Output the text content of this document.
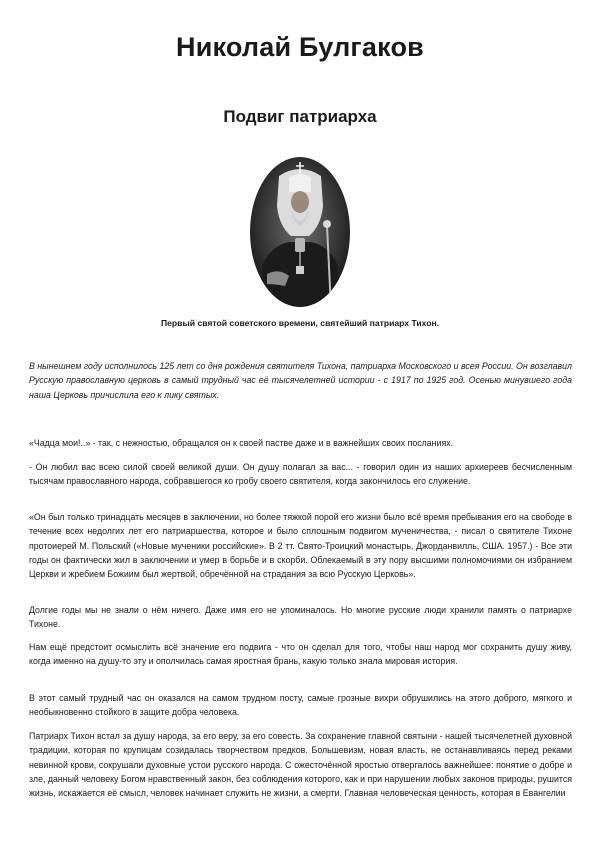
Николай Булгаков
Подвиг патриарха

Первый святой советского времени, святейший патриарх Тихон.

В нынешнем году исполнилось 125 лет со дня рождения святителя Тихона, патриарха Московского и всея России. Он возглавил Русскую православную церковь в самый трудный час её тысячелетней истории - с 1917 по 1925 год. Осенью минувшего года наша Церковь причислила его к лику святых.

«Чадца мои!..» - так, с нежностью, обращался он к своей пастве даже и в важнейших своих посланиях.

- Он любил вас всею силой своей великой души. Он душу полагал за вас... - говорил один из наших архиереев бесчисленным тысячам православного народа, собравшегося ко гробу своего святителя, когда закончилось его служение.

«Он был только тринадцать месяцев в заключении, но более тяжкой порой его жизни было всё время пребывания его на свободе в течение всех недолгих лет его патриаршества, которое и было сплошным подвигом мученичества, - писал о святителе Тихоне протоиерей М. Польский («Новые мученики российские». В 2 тт. Свято-Троицкий монастырь, Джорданвилль, США. 1957.) - Все эти годы он фактически жил в заключении и умер в борьбе и в скорби. Облекаемый в эту пору высшими полномочиями он избранием Церкви и жребием Божиим был жертвой, обречённой на страдания за всю Русскую Церковь».

Долгие годы мы не знали о нём ничего. Даже имя его не упоминалось. Но многие русские люди хранили память о патриархе Тихоне.

Нам ещё предстоит осмыслить всё значение его подвига - что он сделал для того, чтобы наш народ мог сохранить душу живу, когда именно на душу-то эту и ополчилась самая яростная брань, какую только знала мировая история.

В этот самый трудный час он оказался на самом трудном посту, самые грозные вихри обрушились на этого доброго, мягкого и необыкновенно стойкого в защите добра человека.

Патриарх Тихон встал за душу народа, за его веру, за его совесть. За сохранение главной святыни - нашей тысячелетней духовной традиции, которая по крупицам созидалась творчеством предков. Большевизм, новая власть, не останавливаясь перед реками невинной крови, сокрушали духовные устои русского народа. С ожесточённой яростью отвергалось важнейшее: понятие о добре и зле, данный человеку Богом нравственный закон, без соблюдения которого, как и при нарушении любых законов природы, рушится жизнь, искажается её смысл, человек начинает служить не жизни, а смерти. Главная человеческая ценность, которая в Евангелии
